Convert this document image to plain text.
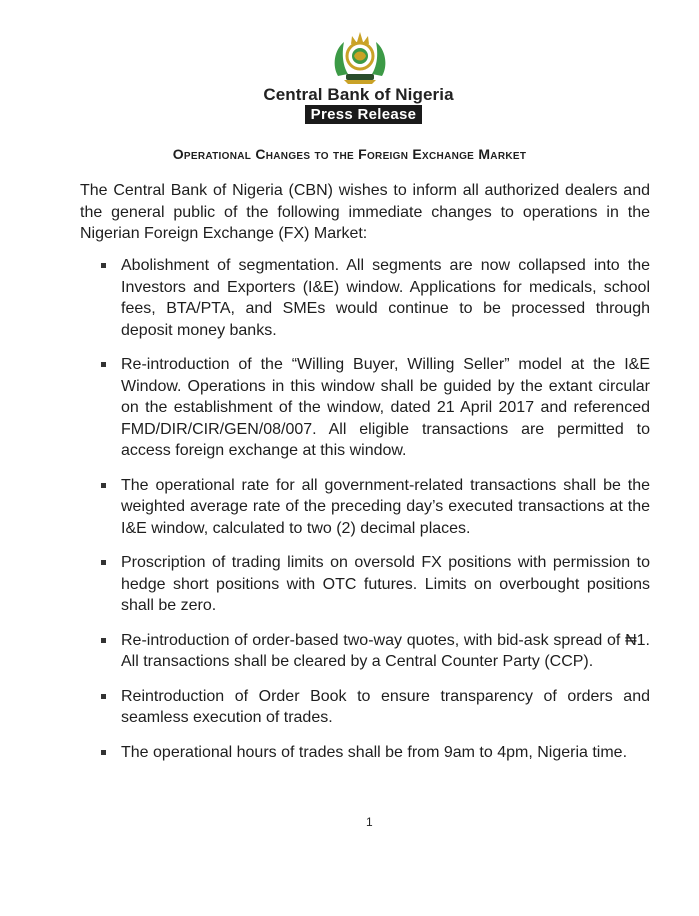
Central Bank of Nigeria
Press Release
Operational Changes to the Foreign Exchange Market

The Central Bank of Nigeria (CBN) wishes to inform all authorized dealers and the general public of the following immediate changes to operations in the Nigerian Foreign Exchange (FX) Market:

Abolishment of segmentation. All segments are now collapsed into the Investors and Exporters (I&E) window. Applications for medicals, school fees, BTA/PTA, and SMEs would continue to be processed through deposit money banks.
Re-introduction of the “Willing Buyer, Willing Seller” model at the I&E Window. Operations in this window shall be guided by the extant circular on the establishment of the window, dated 21 April 2017 and referenced FMD/DIR/CIR/GEN/08/007. All eligible transactions are permitted to access foreign exchange at this window.
The operational rate for all government-related transactions shall be the weighted average rate of the preceding day’s executed transactions at the I&E window, calculated to two (2) decimal places.
Proscription of trading limits on oversold FX positions with permission to hedge short positions with OTC futures. Limits on overbought positions shall be zero.
Re-introduction of order-based two-way quotes, with bid-ask spread of ₦1. All transactions shall be cleared by a Central Counter Party (CCP).
Reintroduction of Order Book to ensure transparency of orders and seamless execution of trades.
The operational hours of trades shall be from 9am to 4pm, Nigeria time.
1
